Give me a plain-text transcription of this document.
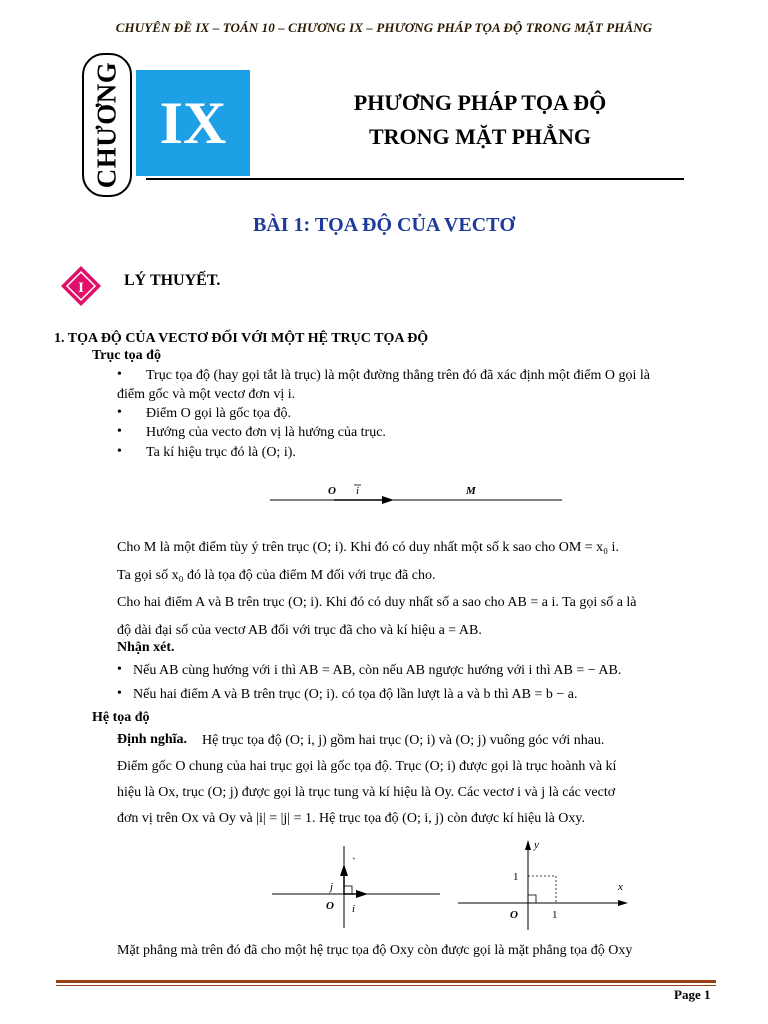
CHUYÊN ĐỀ IX – TOÁN 10 – CHƯƠNG IX – PHƯƠNG PHÁP TỌA ĐỘ TRONG MẶT PHẲNG
CHƯƠNG IX	PHƯƠNG PHÁP TỌA ĐỘ
TRONG MẶT PHẲNG
BÀI 1: TỌA ĐỘ CỦA VECTƠ
I	LÝ THUYẾT.
1. TỌA ĐỘ CỦA VECTƠ ĐỐI VỚI MỘT HỆ TRỤC TỌA ĐỘ
Trục tọa độ
• Trục tọa độ (hay gọi tắt là trục) là một đường thẳng trên đó đã xác định một điểm O gọi là
điểm gốc và một vectơ đơn vị i.
• Điểm O gọi là gốc tọa độ.
• Hướng của vecto đơn vị là hướng của trục.
• Ta kí hiệu trục đó là (O; i).
O i	M
Cho M là một điểm tùy ý trên trục (O; i). Khi đó có duy nhất một số k sao cho OM = x₀ i.
Ta gọi số x₀ đó là tọa độ của điểm M đối với trục đã cho.
Cho hai điểm A và B trên trục (O; i). Khi đó có duy nhất số a sao cho AB = a i. Ta gọi số a là
độ dài đại số của vectơ AB đối với trục đã cho và kí hiệu a = AB.
Nhận xét.
• Nếu AB cùng hướng với i thì AB = AB, còn nếu AB ngược hướng với i thì AB = − AB.
• Nếu hai điểm A và B trên trục (O; i). có tọa độ lần lượt là a và b thì AB = b − a.
Hệ tọa độ
Định nghĩa. Hệ trục tọa độ (O; i, j) gồm hai trục (O; i) và (O; j) vuông góc với nhau.
Điểm gốc O chung của hai trục gọi là gốc tọa độ. Trục (O; i) được gọi là trục hoành và kí
hiệu là Ox, trục (O; j) được gọi là trục tung và kí hiệu là Oy. Các vectơ i và j là các vectơ
đơn vị trên Ox và Oy và |i| = |j| = 1. Hệ trục tọa độ (O; i, j) còn được kí hiệu là Oxy.
`
j
O i
y
x
1
1
O
Mặt phẳng mà trên đó đã cho một hệ trục tọa độ Oxy còn được gọi là mặt phẳng tọa độ Oxy
Page 1
